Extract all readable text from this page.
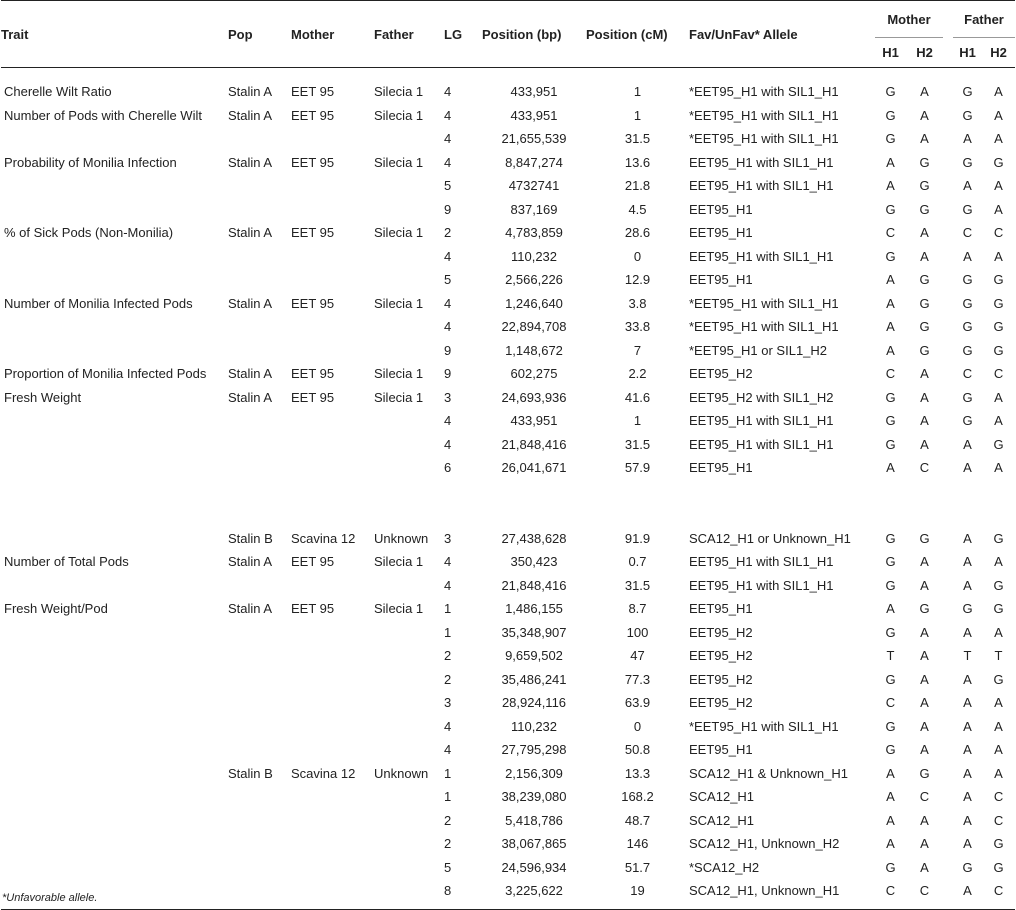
Trait	Pop	Mother	Father	LG	Position (bp)	Position (cM)	Fav/UnFav* Allele	Mother			Father	
								H1	H2		H1	H2

Cherelle Wilt Ratio	Stalin A	EET 95	Silecia 1	4	433,951	1	*EET95_H1 with SIL1_H1	G	A		G	A
Number of Pods with Cherelle Wilt	Stalin A	EET 95	Silecia 1	4	433,951	1	*EET95_H1 with SIL1_H1	G	A		G	A
				4	21,655,539	31.5	*EET95_H1 with SIL1_H1	G	A		A	A
Probability of Monilia Infection	Stalin A	EET 95	Silecia 1	4	8,847,274	13.6	EET95_H1 with SIL1_H1	A	G		G	G
				5	4732741	21.8	EET95_H1 with SIL1_H1	A	G		A	A
				9	837,169	4.5	EET95_H1	G	G		G	A
% of Sick Pods (Non-Monilia)	Stalin A	EET 95	Silecia 1	2	4,783,859	28.6	EET95_H1	C	A		C	C
				4	110,232	0	EET95_H1 with SIL1_H1	G	A		A	A
				5	2,566,226	12.9	EET95_H1	A	G		G	G
Number of Monilia Infected Pods	Stalin A	EET 95	Silecia 1	4	1,246,640	3.8	*EET95_H1 with SIL1_H1	A	G		G	G
				4	22,894,708	33.8	*EET95_H1 with SIL1_H1	A	G		G	G
				9	1,148,672	7	*EET95_H1 or SIL1_H2	A	G		G	G
Proportion of Monilia Infected Pods	Stalin A	EET 95	Silecia 1	9	602,275	2.2	EET95_H2	C	A		C	C
Fresh Weight	Stalin A	EET 95	Silecia 1	3	24,693,936	41.6	EET95_H2 with SIL1_H2	G	A		G	A
				4	433,951	1	EET95_H1 with SIL1_H1	G	A		G	A
				4	21,848,416	31.5	EET95_H1 with SIL1_H1	G	A		A	G
				6	26,041,671	57.9	EET95_H1	A	C		A	A

	Stalin B	Scavina 12	Unknown	3	27,438,628	91.9	SCA12_H1 or Unknown_H1	G	G		A	G
Number of Total Pods	Stalin A	EET 95	Silecia 1	4	350,423	0.7	EET95_H1 with SIL1_H1	G	A		A	A
				4	21,848,416	31.5	EET95_H1 with SIL1_H1	G	A		A	G
Fresh Weight/Pod	Stalin A	EET 95	Silecia 1	1	1,486,155	8.7	EET95_H1	A	G		G	G
				1	35,348,907	100	EET95_H2	G	A		A	A
				2	9,659,502	47	EET95_H2	T	A		T	T
				2	35,486,241	77.3	EET95_H2	G	A		A	G
				3	28,924,116	63.9	EET95_H2	C	A		A	A
				4	110,232	0	*EET95_H1 with SIL1_H1	G	A		A	A
				4	27,795,298	50.8	EET95_H1	G	A		A	A
	Stalin B	Scavina 12	Unknown	1	2,156,309	13.3	SCA12_H1 & Unknown_H1	A	G		A	A
				1	38,239,080	168.2	SCA12_H1	A	C		A	C
				2	5,418,786	48.7	SCA12_H1	A	A		A	C
				2	38,067,865	146	SCA12_H1, Unknown_H2	A	A		A	G
				5	24,596,934	51.7	*SCA12_H2	G	A		G	G
				8	3,225,622	19	SCA12_H1, Unknown_H1	C	C		A	C

*Unfavorable allele.
